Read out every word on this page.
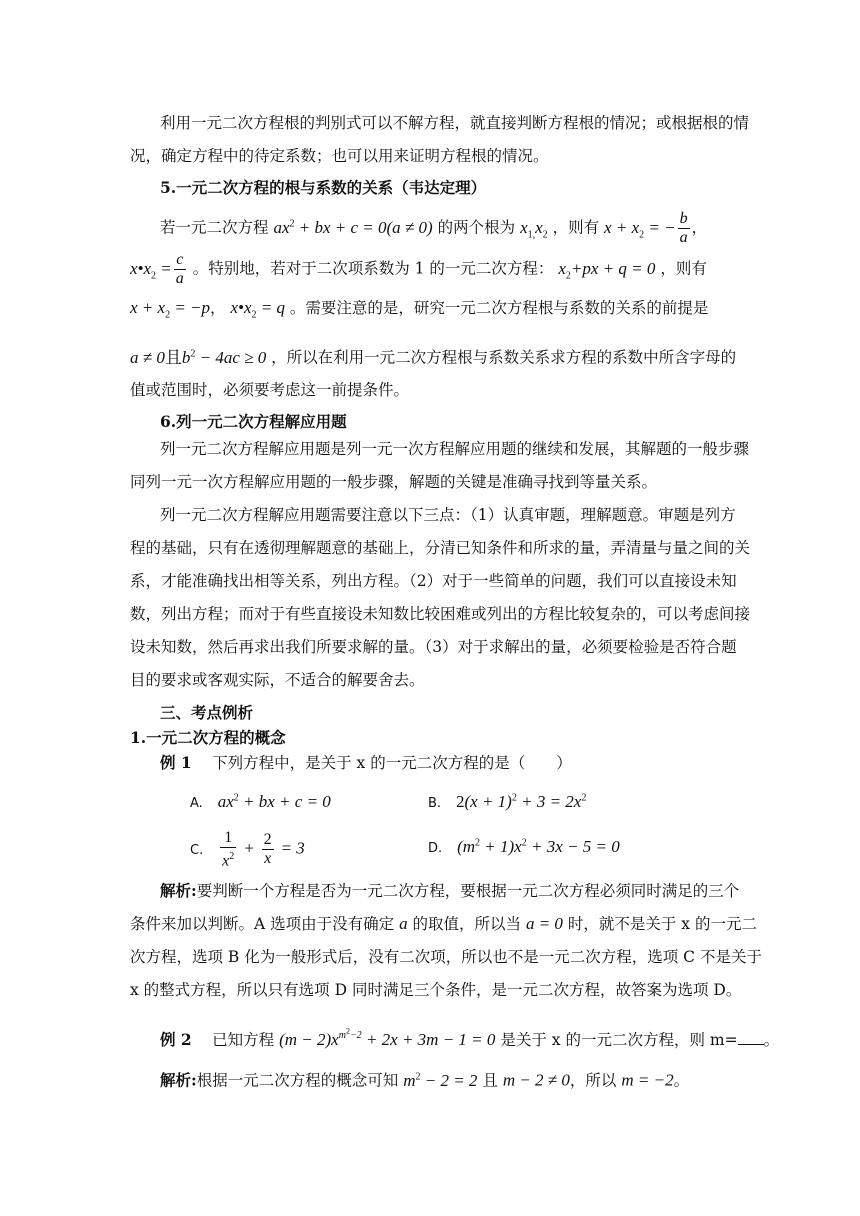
利用一元二次方程根的判别式可以不解方程，就直接判断方程根的情况；或根据根的情
况，确定方程中的待定系数；也可以用来证明方程根的情况。
5.一元二次方程的根与系数的关系（韦达定理）
若一元二次方程 $ax^2$ + bx + c = 0(a ≠ 0) 的两个根为 $x_{1,}x_2$ ，则有 $x + x_2$ = − $\frac{b}{a}$ ，
$x•x_2 = \frac{c}{a}$ 。特别地，若对于二次项系数为 1 的一元二次方程： $x_2+px + q = 0$ ，则有
$x + x_2 = -p$， $x•x_2 = q$ 。需要注意的是，研究一元二次方程根与系数的关系的前提是
a ≠ 0且$b^2 - 4ac \ge 0$ ，所以在利用一元二次方程根与系数关系求方程的系数中所含字母的
值或范围时，必须要考虑这一前提条件。
6.列一元二次方程解应用题
列一元二次方程解应用题是列一元一次方程解应用题的继续和发展，其解题的一般步骤
同列一元一次方程解应用题的一般步骤，解题的关键是准确寻找到等量关系。
列一元二次方程解应用题需要注意以下三点：（1）认真审题，理解题意。审题是列方
程的基础，只有在透彻理解题意的基础上，分清已知条件和所求的量，弄清量与量之间的关
系，才能准确找出相等关系，列出方程。（2）对于一些简单的问题，我们可以直接设未知
数，列出方程；而对于有些直接设未知数比较困难或列出的方程比较复杂的，可以考虑间接
设未知数，然后再求出我们所要求解的量。（3）对于求解出的量，必须要检验是否符合题
目的要求或客观实际，不适合的解要舍去。
三、考点例析
1.一元二次方程的概念
例 1　 下列方程中，是关于 x 的一元二次方程的是（　　）
A. $ax^2$ + bx + c = 0	B. $2(x + 1)^2 + 3 = 2x^2$
C. $\frac{1}{x^2} + \frac{2}{x} = 3$	D. $(m^2 + 1)x^2 + 3x - 5 = 0$
解析:要判断一个方程是否为一元二次方程，要根据一元二次方程必须同时满足的三个
条件来加以判断。A 选项由于没有确定 a 的取值，所以当 a = 0 时，就不是关于 x 的一元二
次方程，选项 B 化为一般形式后，没有二次项，所以也不是一元二次方程，选项 C 不是关于
x 的整式方程，所以只有选项 D 同时满足三个条件，是一元二次方程，故答案为选项 D。
例 2　 已知方程 $(m - 2)x^{m^2-2} + 2x + 3m - 1 = 0$ 是关于 x 的一元二次方程，则 m= 。
解析:根据一元二次方程的概念可知 $m^2 - 2 = 2$ 且 m − 2 ≠ 0，所以 m = −2。
